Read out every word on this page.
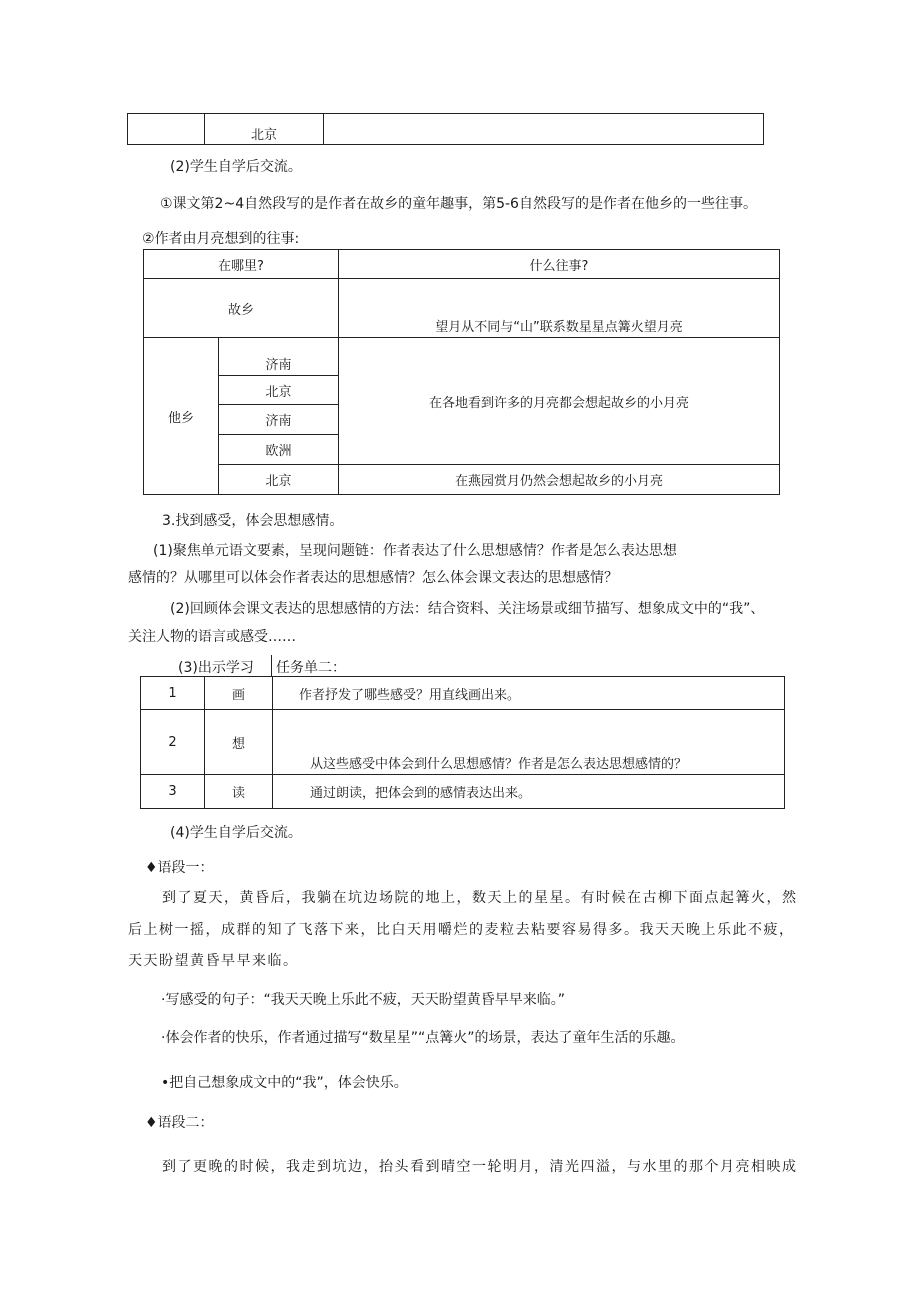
	北京	
(2)学生自学后交流。
①课文第2~4自然段写的是作者在故乡的童年趣事，第5-6自然段写的是作者在他乡的一些往事。
②作者由月亮想到的往事:
在哪里?		什么往事?
故乡		望月从不同与“山”联系数星星点篝火望月亮
他乡	济南	在各地看到许多的月亮都会想起故乡的小月亮
	北京	
	济南	
	欧洲	
	北京	在燕园赏月仍然会想起故乡的小月亮
3.找到感受，体会思想感情。
(1)聚焦单元语文要素，呈现问题链：作者表达了什么思想感情？作者是怎么表达思想
感情的？从哪里可以体会作者表达的思想感情？怎么体会课文表达的思想感情？
(2)回顾体会课文表达的思想感情的方法：结合资料、关注场景或细节描写、想象成文中的“我”、
关注人物的语言或感受……
(3)出示学习 任务单二：
1	画	作者抒发了哪些感受？用直线画出来。
2	想	从这些感受中体会到什么思想感情？作者是怎么表达思想感情的？
3	读	通过朗读，把体会到的感情表达出来。
(4)学生自学后交流。
♦语段一：
到了夏天，黄昏后，我躺在坑边场院的地上，数天上的星星。有时候在古柳下面点起篝火，然
后上树一摇，成群的知了飞落下来，比白天用嚼烂的麦粒去粘要容易得多。我天天晚上乐此不疲，
天天盼望黄昏早早来临。
·写感受的句子：“我天天晚上乐此不疲，天天盼望黄昏早早来临。”
·体会作者的快乐，作者通过描写“数星星”“点篝火”的场景，表达了童年生活的乐趣。
•把自己想象成文中的“我”，体会快乐。
♦语段二：
到了更晚的时候，我走到坑边，抬头看到晴空一轮明月，清光四溢，与水里的那个月亮相映成
